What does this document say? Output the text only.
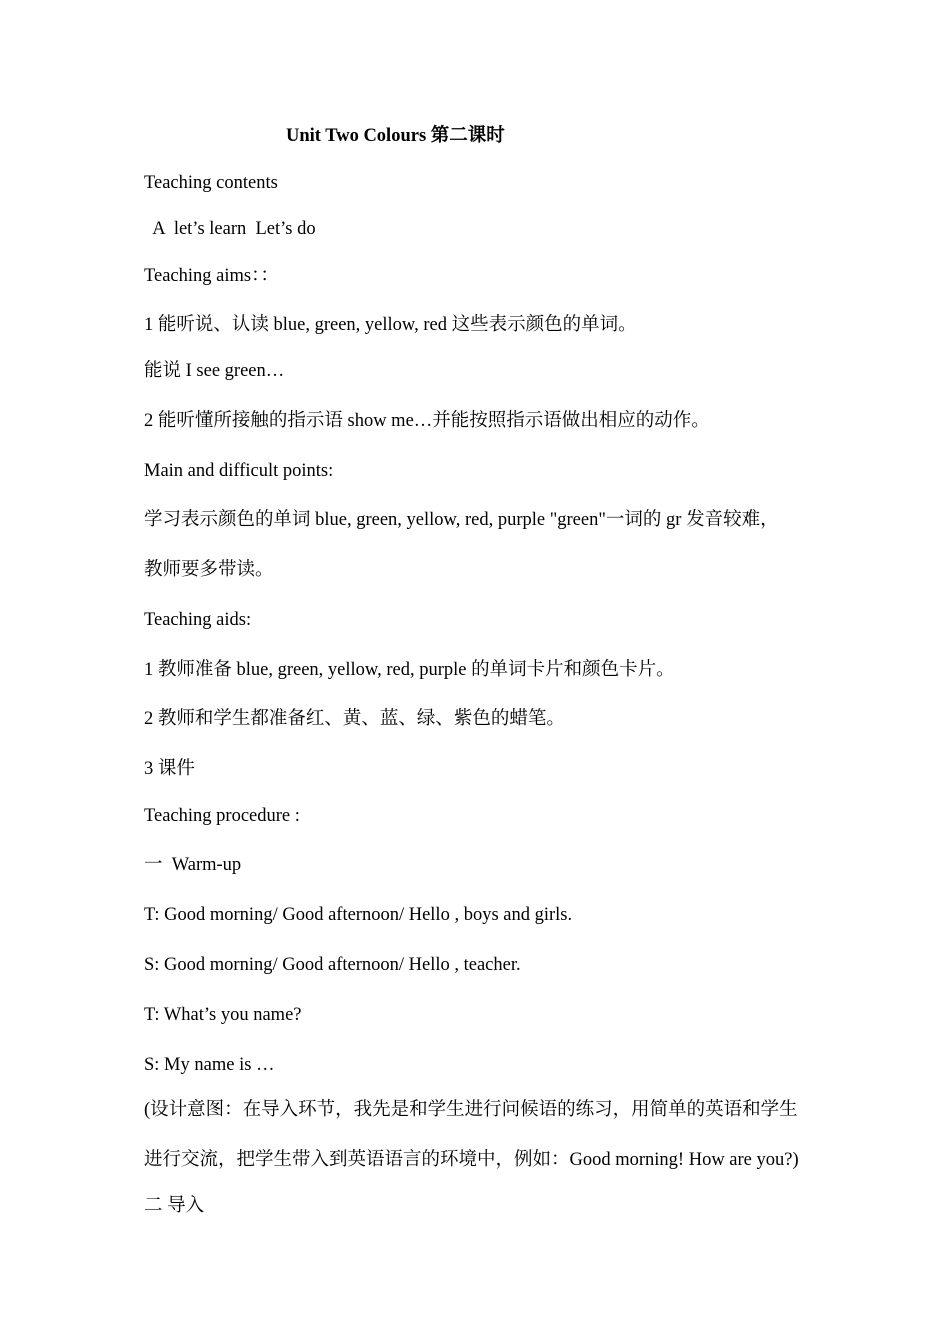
Unit Two Colours 第二课时
Teaching contents
A  let’s learn  Let’s do
Teaching aims：：
1 能听说、认读 blue, green, yellow, red 这些表示颜色的单词。
能说 I see green…
2 能听懂所接触的指示语 show me…并能按照指示语做出相应的动作。
Main and difficult points:
学习表示颜色的单词 blue, green, yellow, red, purple "green"一词的 gr 发音较难，
教师要多带读。
Teaching aids:
1 教师准备 blue, green, yellow, red, purple 的单词卡片和颜色卡片。
2 教师和学生都准备红、黄、蓝、绿、紫色的蜡笔。
3 课件
Teaching procedure :
一  Warm-up
T: Good morning/ Good afternoon/ Hello , boys and girls.
S: Good morning/ Good afternoon/ Hello , teacher.
T: What’s you name?
S: My name is …
(设计意图：在导入环节，我先是和学生进行问候语的练习，用简单的英语和学生
进行交流，把学生带入到英语语言的环境中，例如：Good morning! How are you?)
二 导入
